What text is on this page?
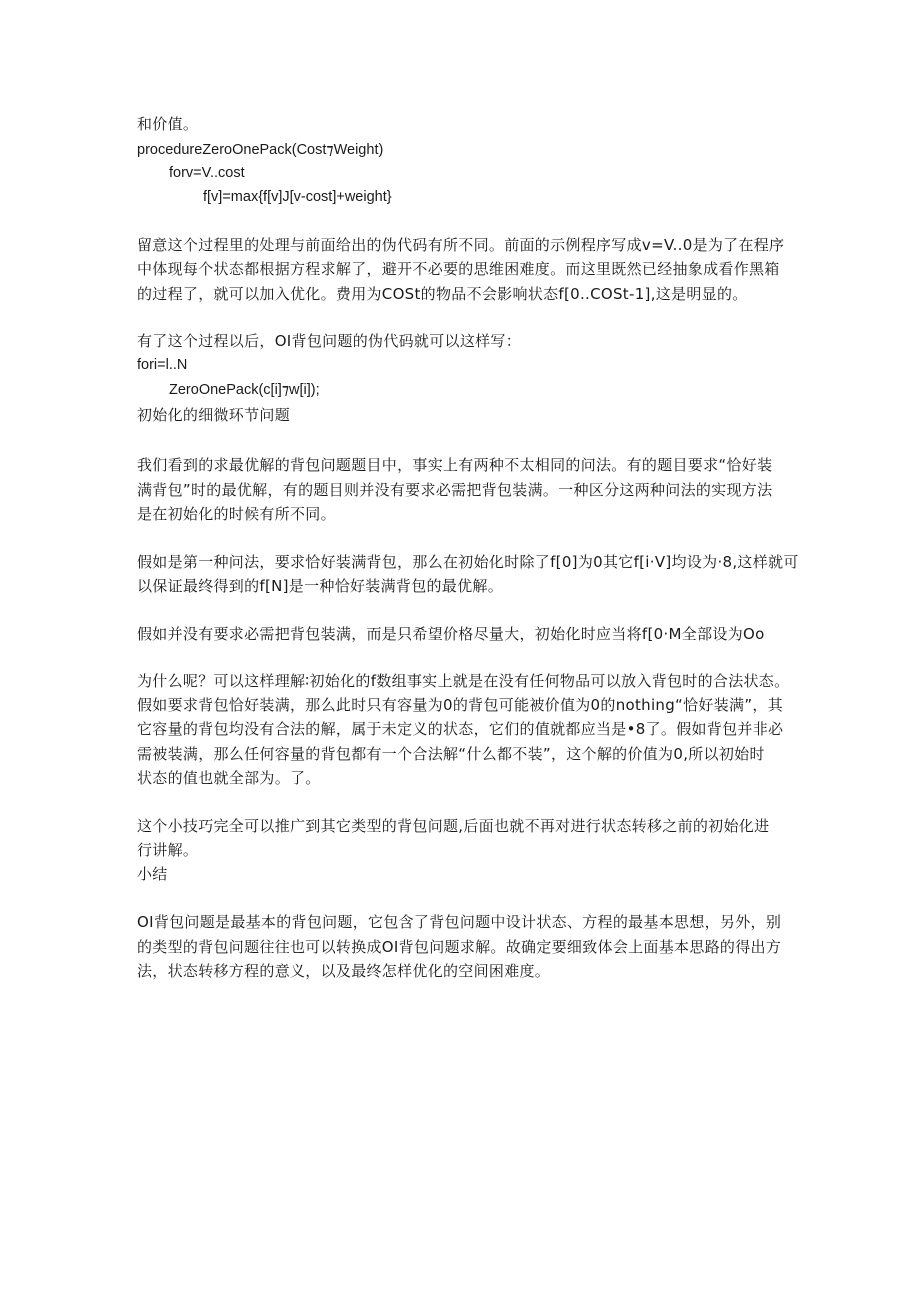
和价值。
procedureZeroOnePack(Cost⁊Weight)
forv=V..cost
f[v]=max{f[v]J[v-cost]+weight}
留意这个过程里的处理与前面给出的伪代码有所不同。前面的示例程序写成v=V..0是为了在程序
中体现每个状态都根据方程求解了，避开不必要的思维困难度。而这里既然已经抽象成看作黑箱
的过程了，就可以加入优化。费用为COSt的物品不会影响状态f[0..COSt-1],这是明显的。
有了这个过程以后，OI背包问题的伪代码就可以这样写：
fori=l..N
ZeroOnePack(c[i]⁊w[i]);
初始化的细微环节问题
我们看到的求最优解的背包问题题目中，事实上有两种不太相同的问法。有的题目要求“恰好装
满背包”时的最优解，有的题目则并没有要求必需把背包装满。一种区分这两种问法的实现方法
是在初始化的时候有所不同。
假如是第一种问法，要求恰好装满背包，那么在初始化时除了f[0]为0其它f[i·V]均设为·8,这样就可
以保证最终得到的f[N]是一种恰好装满背包的最优解。
假如并没有要求必需把背包装满，而是只希望价格尽量大，初始化时应当将f[0·M全部设为Oo
为什么呢？可以这样理解∶初始化的f数组事实上就是在没有任何物品可以放入背包时的合法状态。
假如要求背包恰好装满，那么此时只有容量为0的背包可能被价值为0的nothing“恰好装满”，其
它容量的背包均没有合法的解，属于未定义的状态，它们的值就都应当是•8了。假如背包并非必
需被装满，那么任何容量的背包都有一个合法解“什么都不装”，这个解的价值为0,所以初始时
状态的值也就全部为。了。
这个小技巧完全可以推广到其它类型的背包问题,后面也就不再对进行状态转移之前的初始化进
行讲解。
小结
OI背包问题是最基本的背包问题，它包含了背包问题中设计状态、方程的最基本思想，另外，别
的类型的背包问题往往也可以转换成OI背包问题求解。故确定要细致体会上面基本思路的得出方
法，状态转移方程的意义，以及最终怎样优化的空间困难度。
